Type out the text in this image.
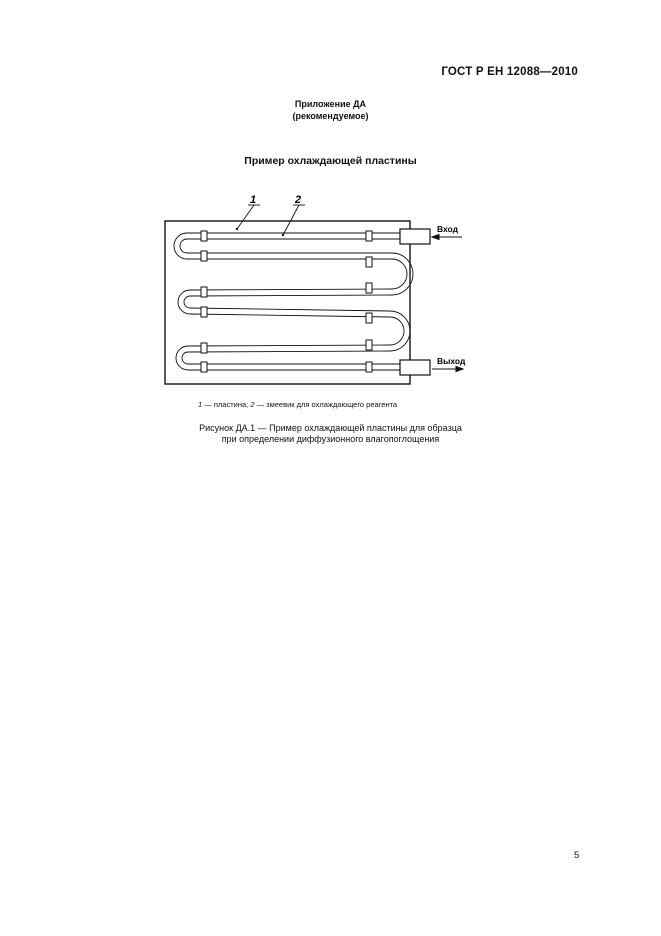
ГОСТ Р ЕН 12088—2010
Приложение ДА
(рекомендуемое)
Пример охлаждающей пластины
1	2
Вход
Выход
1 — пластина; 2 — змеевик для охлаждающего реагента
Рисунок ДА.1 — Пример охлаждающей пластины для образца
при определении диффузионного влагопоглощения
5
